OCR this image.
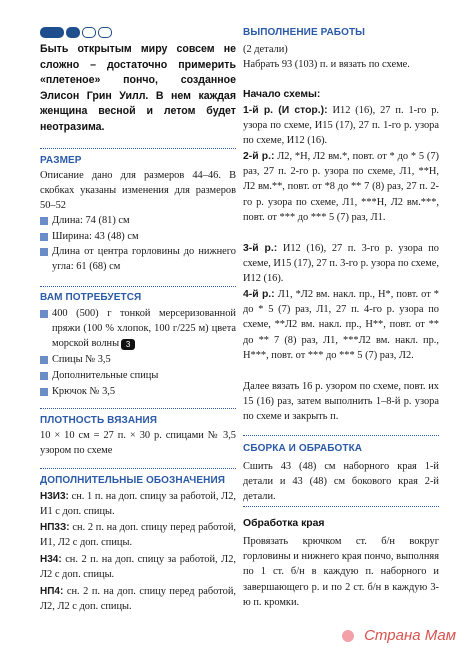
Быть открытым миру совсем не сложно – достаточно примерить «плетеное» пончо, созданное Элисон Грин Уилл. В нем каждая женщина весной и летом будет неотразима.
РАЗМЕР
Описание дано для размеров 44–46. В скобках указаны изменения для размеров 50–52
Длина: 74 (81) см
Ширина: 43 (48) см
Длина от центра горловины до нижнего угла: 61 (68) см
ВАМ ПОТРЕБУЕТСЯ
400 (500) г тонкой мерсеризованной пряжи (100 % хлопок, 100 г/225 м) цвета морской волны 3
Спицы № 3,5
Дополнительные спицы
Крючок № 3,5
ПЛОТНОСТЬ ВЯЗАНИЯ
10 × 10 см = 27 п. × 30 р. спицами № 3,5 узором по схеме
ДОПОЛНИТЕЛЬНЫЕ ОБОЗНАЧЕНИЯ
Н3И3: сн. 1 п. на доп. спицу за работой, Л2, И1 с доп. спицы.
НП3З: сн. 2 п. на доп. спицу перед работой, И1, Л2 с доп. спицы.
Н34: сн. 2 п. на доп. спицу за работой, Л2, Л2 с доп. спицы.
НП4: сн. 2 п. на доп. спицу перед работой, Л2, Л2 с доп. спицы.
ВЫПОЛНЕНИЕ РАБОТЫ
(2 детали)
Набрать 93 (103) п. и вязать по схеме.
Начало схемы:
1-й р. (И стор.): И12 (16), 27 п. 1-го р. узора по схеме, И15 (17), 27 п. 1-го р. узора по схеме, И12 (16).
2-й р.: Л2, *Н, Л2 вм.*, повт. от * до * 5 (7) раз, 27 п. 2-го р. узора по схеме, Л1, **Н, Л2 вм.**, повт. от *8 до ** 7 (8) раз, 27 п. 2-го р. узора по схеме, Л1, ***Н, Л2 вм.***, повт. от *** до *** 5 (7) раз, Л1.
3-й р.: И12 (16), 27 п. 3-го р. узора по схеме, И15 (17), 27 п. 3-го р. узора по схеме, И12 (16).
4-й р.: Л1, *Л2 вм. накл. пр., Н*, повт. от * до * 5 (7) раз, Л1, 27 п. 4-го р. узора по схеме, **Л2 вм. накл. пр., Н**, повт. от ** до ** 7 (8) раз, Л1, ***Л2 вм. накл. пр., Н***, повт. от *** до *** 5 (7) раз, Л2.
Далее вязать 16 р. узором по схеме, повт. их 15 (16) раз, затем выполнить 1–8-й р. узора по схеме и закрыть п.
СБОРКА И ОБРАБОТКА
Сшить 43 (48) см наборного края 1-й детали и 43 (48) см бокового края 2-й детали.
Обработка края
Провязать крючком ст. б/н вокруг горловины и нижнего края пончо, выполняя по 1 ст. б/н в каждую п. наборного и завершающего р. и по 2 ст. б/н в каждую 3-ю п. кромки.
Страна Мам
